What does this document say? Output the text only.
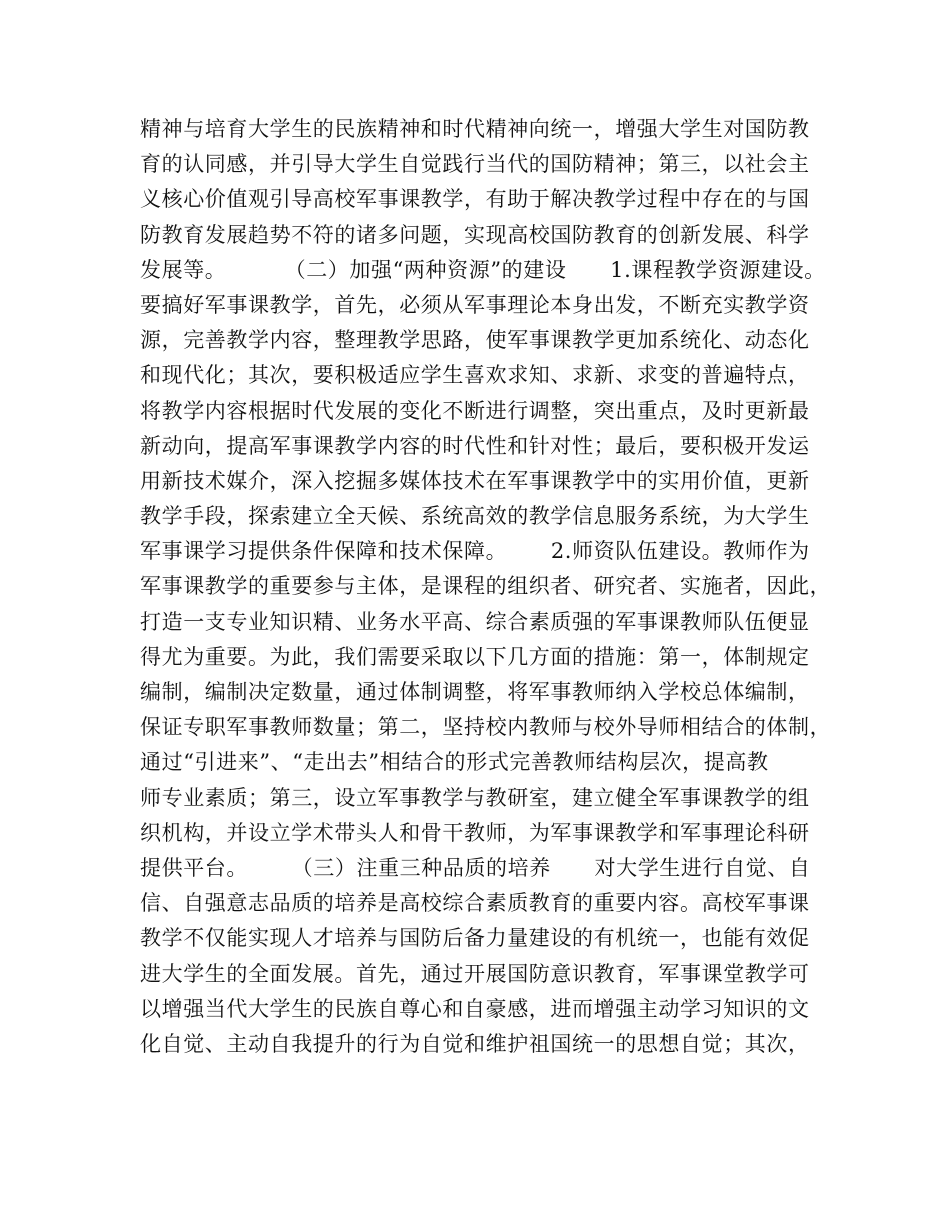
精神与培育大学生的民族精神和时代精神向统一，增强大学生对国防教
育的认同感，并引导大学生自觉践行当代的国防精神；第三，以社会主
义核心价值观引导高校军事课教学，有助于解决教学过程中存在的与国
防教育发展趋势不符的诸多问题，实现高校国防教育的创新发展、科学
发展等。        （二）加强“两种资源”的建设      1.课程教学资源建设。
要搞好军事课教学，首先，必须从军事理论本身出发，不断充实教学资
源，完善教学内容，整理教学思路，使军事课教学更加系统化、动态化
和现代化；其次，要积极适应学生喜欢求知、求新、求变的普遍特点，
将教学内容根据时代发展的变化不断进行调整，突出重点，及时更新最
新动向，提高军事课教学内容的时代性和针对性；最后，要积极开发运
用新技术媒介，深入挖掘多媒体技术在军事课教学中的实用价值，更新
教学手段，探索建立全天候、系统高效的教学信息服务系统，为大学生
军事课学习提供条件保障和技术保障。      2.师资队伍建设。教师作为
军事课教学的重要参与主体，是课程的组织者、研究者、实施者，因此，
打造一支专业知识精、业务水平高、综合素质强的军事课教师队伍便显
得尤为重要。为此，我们需要采取以下几方面的措施：第一，体制规定
编制，编制决定数量，通过体制调整，将军事教师纳入学校总体编制，
保证专职军事教师数量；第二，坚持校内教师与校外导师相结合的体制，
通过“引进来”、“走出去”相结合的形式完善教师结构层次，提高教
师专业素质；第三，设立军事教学与教研室，建立健全军事课教学的组
织机构，并设立学术带头人和骨干教师，为军事课教学和军事理论科研
提供平台。      （三）注重三种品质的培养      对大学生进行自觉、自
信、自强意志品质的培养是高校综合素质教育的重要内容。高校军事课
教学不仅能实现人才培养与国防后备力量建设的有机统一，也能有效促
进大学生的全面发展。首先，通过开展国防意识教育，军事课堂教学可
以增强当代大学生的民族自尊心和自豪感，进而增强主动学习知识的文
化自觉、主动自我提升的行为自觉和维护祖国统一的思想自觉；其次，
